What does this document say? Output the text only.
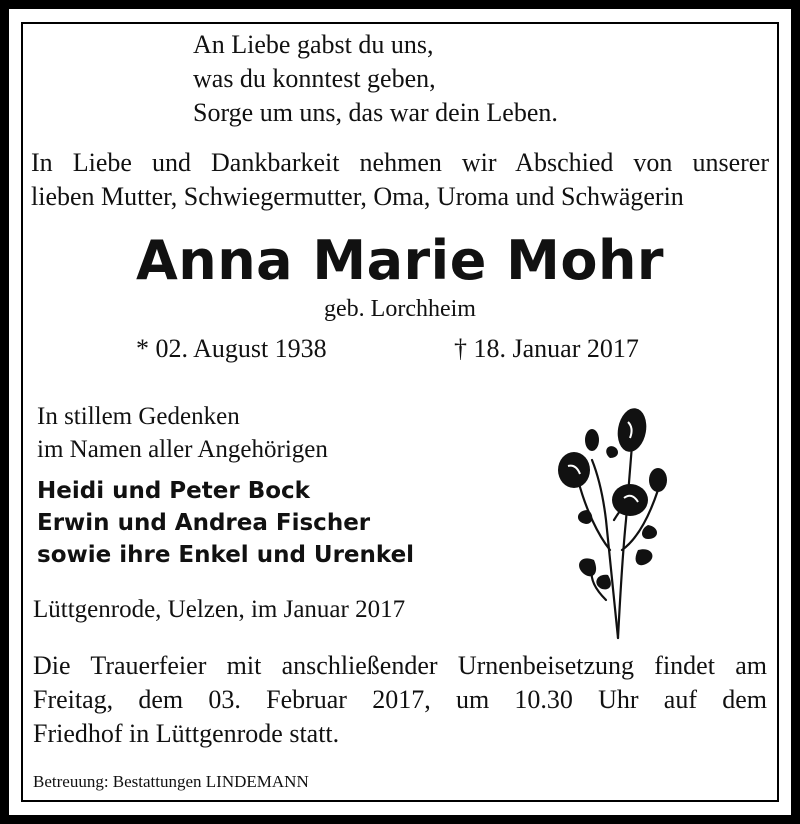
An Liebe gabst du uns,
was du konntest geben,
Sorge um uns, das war dein Leben.
In Liebe und Dankbarkeit nehmen wir Abschied von unserer
lieben Mutter, Schwiegermutter, Oma, Uroma und Schwägerin
Anna Marie Mohr
geb. Lorchheim
* 02. August 1938	† 18. Januar 2017
In stillem Gedenken
im Namen aller Angehörigen
Heidi und Peter Bock
Erwin und Andrea Fischer
sowie ihre Enkel und Urenkel
Lüttgenrode, Uelzen, im Januar 2017
Die Trauerfeier mit anschließender Urnenbeisetzung findet am
Freitag, dem 03. Februar 2017, um 10.30 Uhr auf dem
Friedhof in Lüttgenrode statt.
Betreuung: Bestattungen LINDEMANN
